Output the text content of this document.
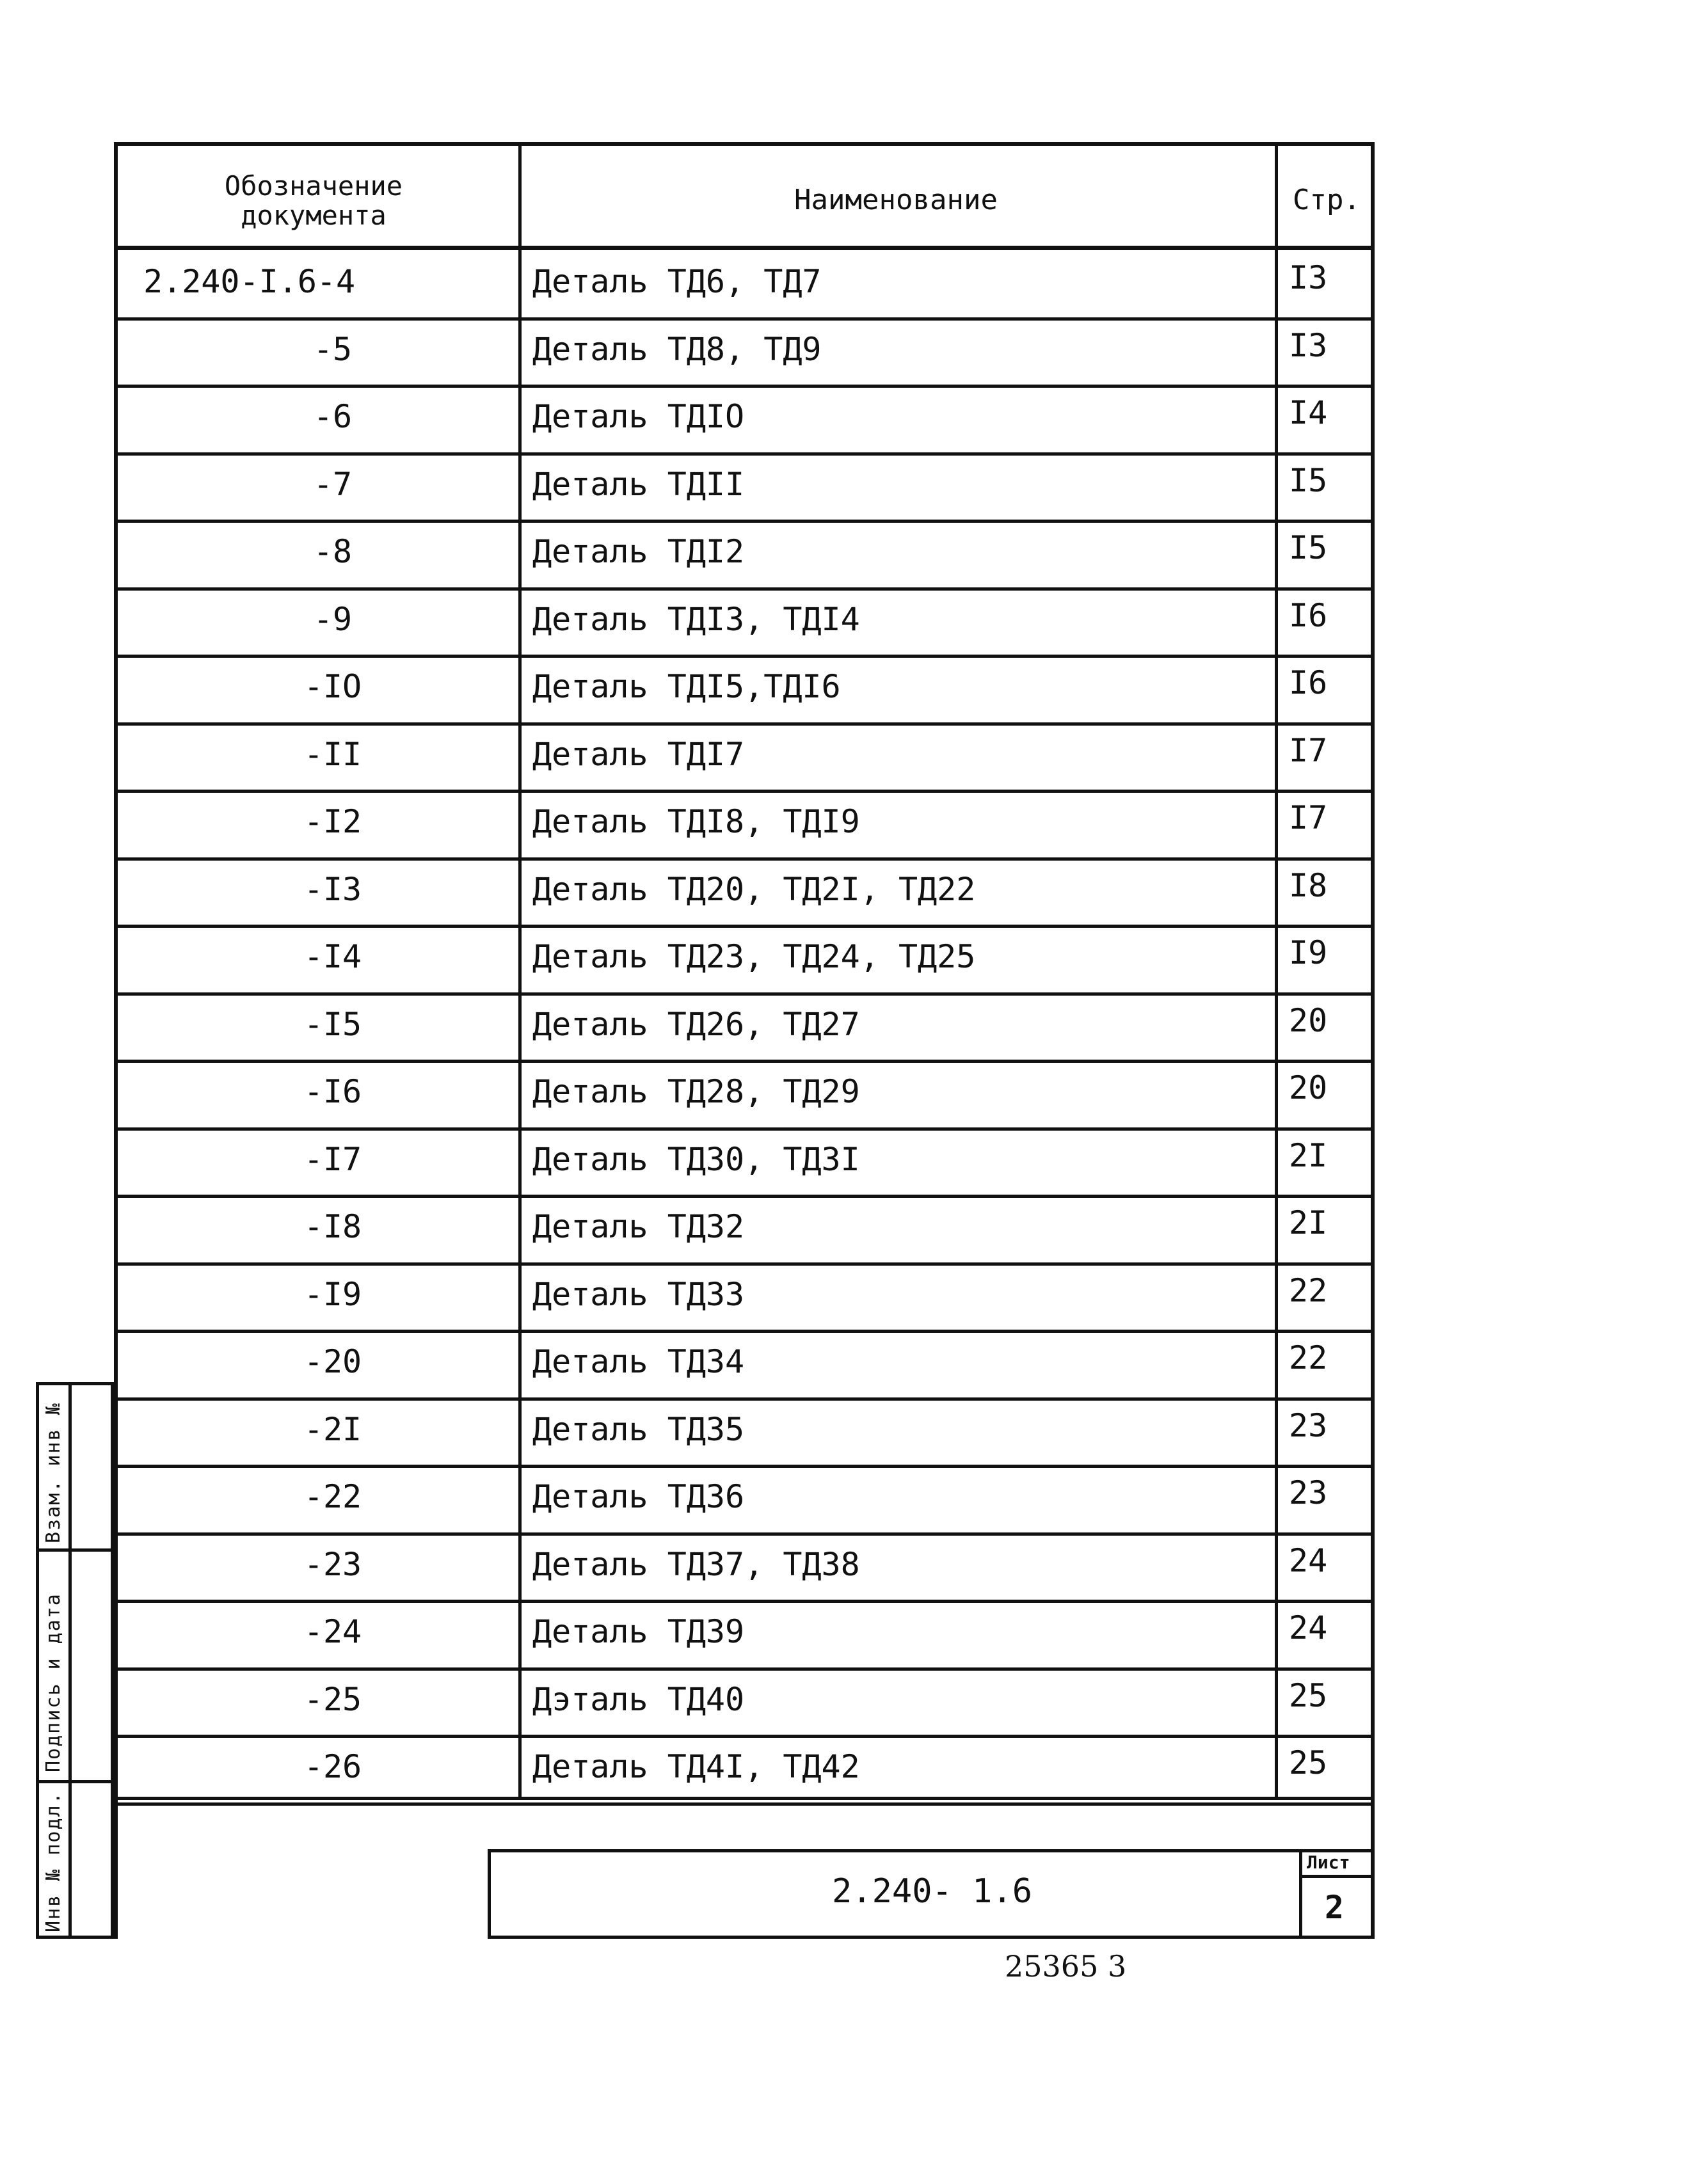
Обозначение документа	Наименование	Стр.
2.240-I.6-4	Деталь ТД6, ТД7	I3
-5	Деталь ТД8, ТД9	I3
-6	Деталь ТДIО	I4
-7	Деталь ТДII	I5
-8	Деталь ТДI2	I5
-9	Деталь ТДI3, ТДI4	I6
-IO	Деталь ТДI5,ТДI6	I6
-II	Деталь ТДI7	I7
-I2	Деталь ТДI8, ТДI9	I7
-I3	Деталь ТД20, ТД2I, ТД22	I8
-I4	Деталь ТД23, ТД24, ТД25	I9
-I5	Деталь ТД26, ТД27	20
-I6	Деталь ТД28, ТД29	20
-I7	Деталь ТД30, ТД3I	2I
-I8	Деталь ТД32	2I
-I9	Деталь ТД33	22
-20	Деталь ТД34	22
-2I	Деталь ТД35	23
-22	Деталь ТД36	23
-23	Деталь ТД37, ТД38	24
-24	Деталь ТД39	24
-25	Дэталь ТД40	25
-26	Деталь ТД4I, ТД42	25
Взам. инв №
Подпись и дата
Инв № подл.	2.240- 1.6
Лист
2
25365 3
